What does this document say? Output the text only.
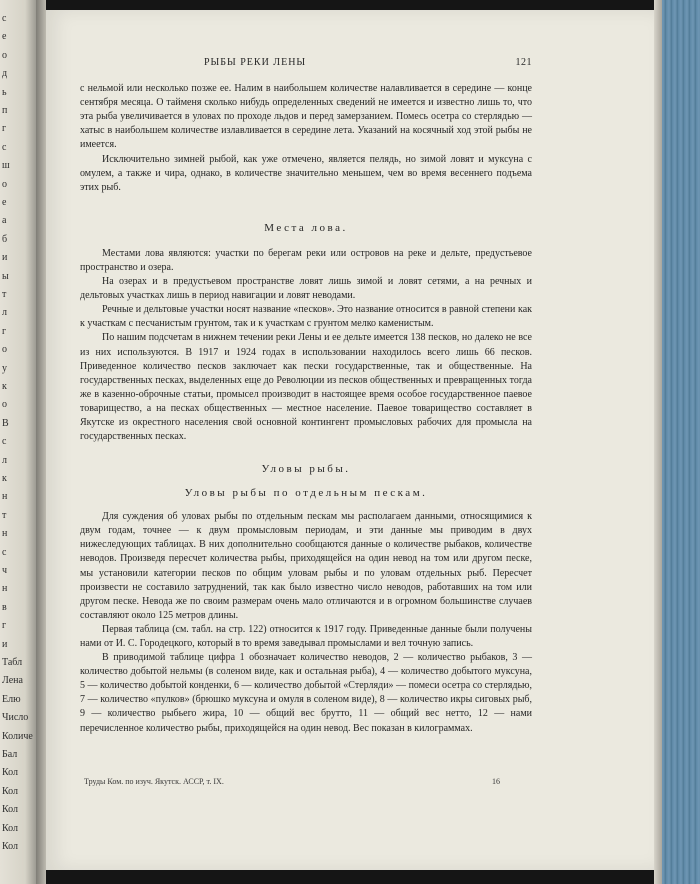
с
е
о
д
ь
п
г
с
ш
о
е
а
б
и
ы
т
л
г
о
у
к
о
В
с
л
к
н
т
н
с
ч
н
в
г
и
Табл
Лена
Елю
Число
Количе
Бал
Кол
Кол
Кол
Кол
Кол
РЫБЫ РЕКИ ЛЕНЫ	121

с нельмой или несколько позже ее. Налим в наибольшем количестве налавливается в середине — конце сентября месяца. О тайменя сколько нибудь определенных сведений не имеется и известно лишь то, что эта рыба увеличивается в уловах по проходе льдов и перед замерзанием. Помесь осетра со стерлядью — хатыс в наибольшем количестве излавливается в середине лета. Указаний на косячный ход этой рыбы не имеется.

Исключительно зимней рыбой, как уже отмечено, является пелядь, но зимой ловят и муксуна с омулем, а также и чира, однако, в количестве значительно меньшем, чем во время весеннего подъема этих рыб.

Места лова.

Местами лова являются: участки по берегам реки или островов на реке и дельте, предустьевое пространство и озера.

На озерах и в предустьевом пространстве ловят лишь зимой и ловят сетями, а на речных и дельтовых участках лишь в период навигации и ловят неводами.

Речные и дельтовые участки носят название «песков». Это название относится в равной степени как к участкам с песчанистым грунтом, так и к участкам с грунтом мелко каменистым.

По нашим подсчетам в нижнем течении реки Лены и ее дельте имеется 138 песков, но далеко не все из них используются. В 1917 и 1924 годах в использовании находилось всего лишь 66 песков. Приведенное количество песков заключает как пески государственные, так и общественные. На государственных песках, выделенных еще до Революции из песков общественных и превращенных тогда же в казенно-оброчные статьи, промысел производит в настоящее время особое государственное паевое товарищество, а на песках общественных — местное население. Паевое товарищество составляет в Якутске из окрестного населения свой основной контингент промысловых рабочих для промысла на государственных песках.

Уловы рыбы.
Уловы рыбы по отдельным пескам.

Для суждения об уловах рыбы по отдельным пескам мы располагаем данными, относящимися к двум годам, точнее — к двум промысловым периодам, и эти данные мы приводим в двух нижеследующих таблицах. В них дополнительно сообщаются данные о количестве рыбаков, количестве неводов. Произведя пересчет количества рыбы, приходящейся на один невод на том или другом песке, мы установили категории песков по общим уловам рыбы и по уловам отдельных рыб. Пересчет произвести не составило затруднений, так как было известно число неводов, работавших на том или другом песке. Невода же по своим размерам очень мало отличаются и в огромном большинстве случаев составляют около 125 метров длины.

Первая таблица (см. табл. на стр. 122) относится к 1917 году. Приведенные данные были получены нами от И. С. Городецкого, который в то время заведывал промыслами и вел точную запись.

В приводимой таблице цифра 1 обозначает количество неводов, 2 — количество рыбаков, 3 — количество добытой нельмы (в соленом виде, как и остальная рыба), 4 — количество добытого муксуна, 5 — количество добытой конденки, 6 — количество добытой «Стерляди» — помеси осетра со стерлядью, 7 — количество «пулков» (брюшко муксуна и омуля в соленом виде), 8 — количество икры сиговых рыб, 9 — количество рыбьего жира, 10 — общий вес брутто, 11 — общий вес нетто, 12 — нами перечисленное количество рыбы, приходящейся на один невод. Вес показан в килограммах.

Труды Ком. по изуч. Якутск. АССР, т. IX.	16
